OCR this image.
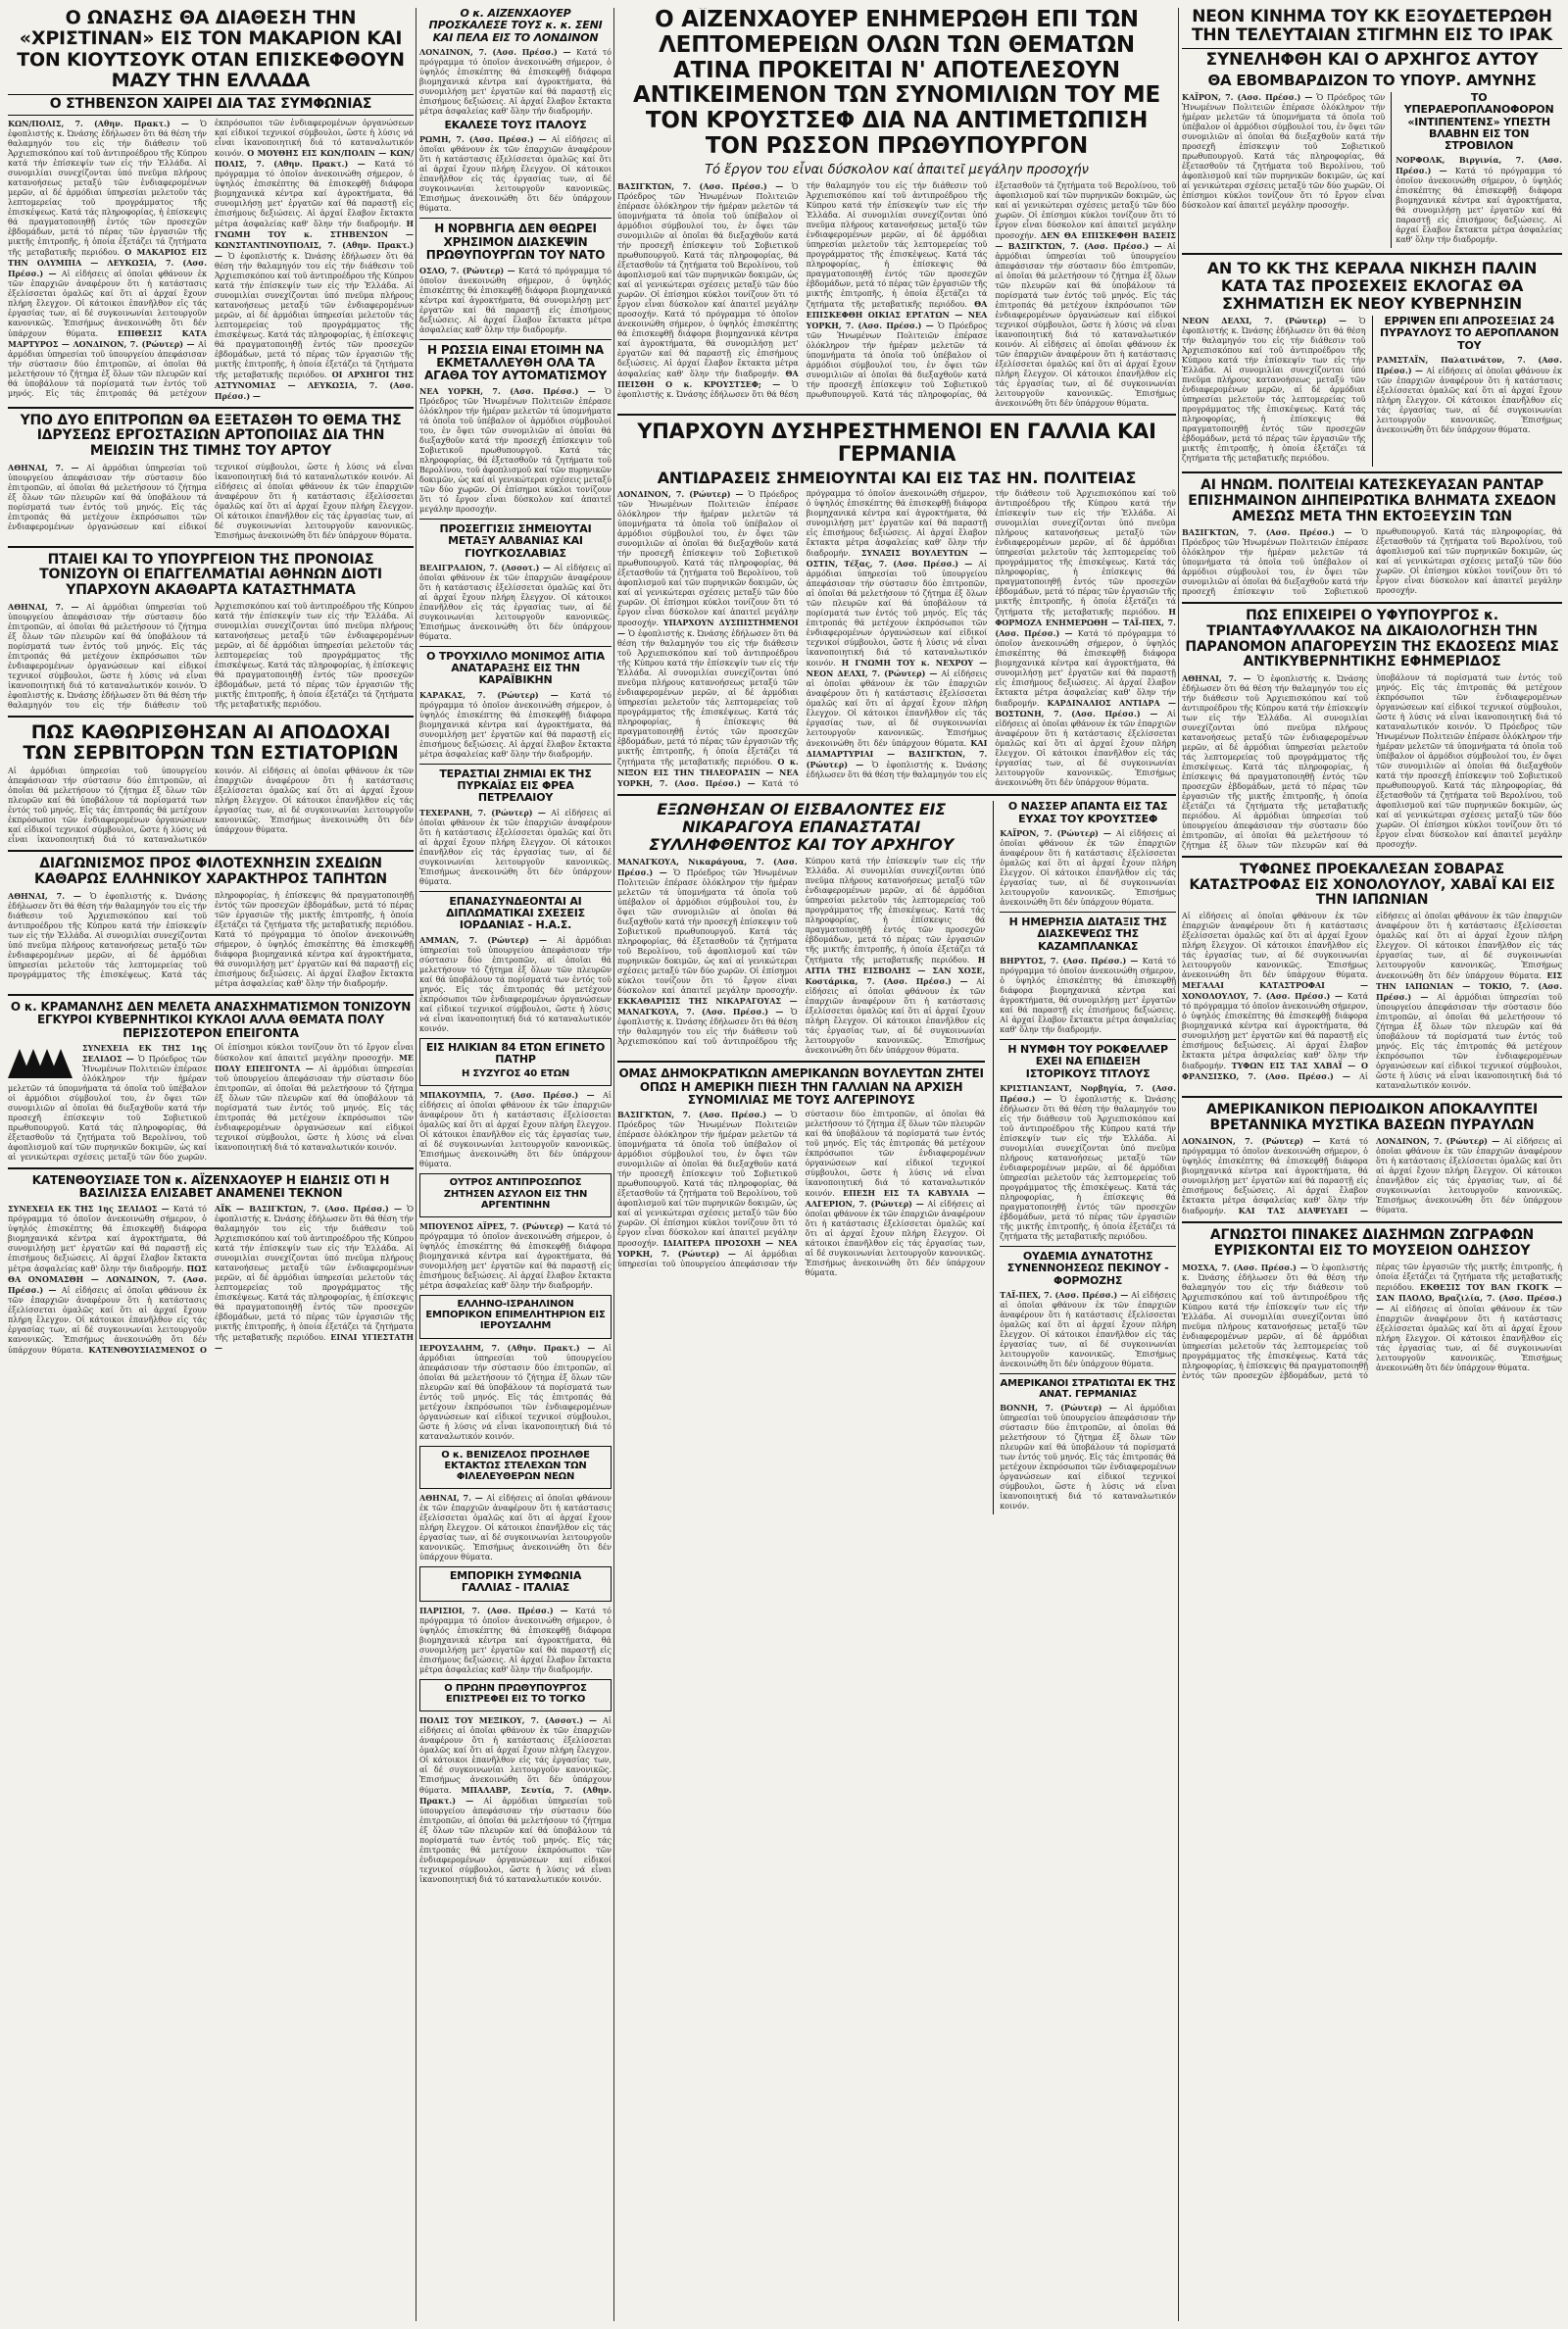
Ο ΩΝΑΣΗΣ ΘΑ ΔΙΑΘΕΣΗ ΤΗΝ «ΧΡΙΣΤΙΝΑΝ» ΕΙΣ ΤΟΝ ΜΑΚΑΡΙΟΝ ΚΑΙ ΤΟΝ ΚΙΟΥΤΣΟΥΚ ΟΤΑΝ ΕΠΙΣΚΕΦΘΟΥΝ ΜΑΖΥ ΤΗΝ ΕΛΛΑΔΑ
Ο ΣΤΗΒΕΝΣΟΝ ΧΑΙΡΕΙ ΔΙΑ ΤΑΣ ΣΥΜΦΩΝΙΑΣ
ΚΩΝ/ΠΟΛΙΣ, 7. (Αθην. Πρακτ.) — Ὁ ἐφοπλιστής κ. Ὠνάσης ἐδήλωσεν ὅτι θά θέση τήν θαλαμηγόν του εἰς τήν διάθεσιν τοῦ Ἀρχιεπισκόπου καί τοῦ ἀντιπροέδρου τῆς Κύπρου κατά τήν ἐπίσκεψίν των εἰς τήν Ἑλλάδα. Αἱ συνομιλίαι συνεχίζονται ὑπό πνεῦμα πλήρους κατανοήσεως μεταξύ τῶν ἐνδιαφερομένων μερῶν, αἱ δέ ἀρμόδιαι ὑπηρεσίαι μελετοῦν τάς λεπτομερείας τοῦ προγράμματος τῆς ἐπισκέψεως. Κατά τάς πληροφορίας, ἡ ἐπίσκεψις θά πραγματοποιηθῇ ἐντός τῶν προσεχῶν ἑβδομάδων, μετά τό πέρας τῶν ἐργασιῶν τῆς μικτῆς ἐπιτροπῆς, ἡ ὁποία ἐξετάζει τά ζητήματα τῆς μεταβατικῆς περιόδου. Ο ΜΑΚΑΡΙΟΣ ΕΙΣ ΤΗΝ ΟΛΥΜΠΙΑ — ΛΕΥΚΩΣΙΑ, 7. (Ασσ. Πρέσσ.) — Αἱ εἰδήσεις αἱ ὁποῖαι φθάνουν ἐκ τῶν ἐπαρχιῶν ἀναφέρουν ὅτι ἡ κατάστασις ἐξελίσσεται ὁμαλῶς καί ὅτι αἱ ἀρχαί ἔχουν πλήρη ἔλεγχον. Οἱ κάτοικοι ἐπανῆλθον εἰς τάς ἐργασίας των, αἱ δέ συγκοινωνίαι λειτουργοῦν κανονικῶς. Ἐπισήμως ἀνεκοινώθη ὅτι δέν ὑπάρχουν θύματα. ΕΠΙΘΕΣΙΣ ΚΑΤΑ ΜΑΡΤΥΡΟΣ — ΛΟΝΔΙΝΟΝ, 7. (Ρώυτερ) — Αἱ ἀρμόδιαι ὑπηρεσίαι τοῦ ὑπουργείου ἀπεφάσισαν τήν σύστασιν δύο ἐπιτροπῶν, αἱ ὁποῖαι θά μελετήσουν τό ζήτημα ἐξ ὅλων τῶν πλευρῶν καί θά ὑποβάλουν τά πορίσματά των ἐντός τοῦ μηνός. Εἰς τάς ἐπιτροπάς θά μετέχουν ἐκπρόσωποι τῶν ἐνδιαφερομένων ὀργανώσεων καί εἰδικοί τεχνικοί σύμβουλοι, ὥστε ἡ λύσις νά εἶναι ἱκανοποιητική διά τό καταναλωτικόν κοινόν. Ο ΜΟΥΘΗΣ ΕΙΣ ΚΩΝ/ΠΟΛΙΝ — ΚΩΝ/ΠΟΛΙΣ, 7. (Αθην. Πρακτ.) — Κατά τό πρόγραμμα τό ὁποῖον ἀνεκοινώθη σήμερον, ὁ ὑψηλός ἐπισκέπτης θά ἐπισκεφθῇ διάφορα βιομηχανικά κέντρα καί ἀγροκτήματα, θά συνομιλήσῃ μετ' ἐργατῶν καί θά παραστῇ εἰς ἐπισήμους δεξιώσεις. Αἱ ἀρχαί ἔλαβον ἔκτακτα μέτρα ἀσφαλείας καθ' ὅλην τήν διαδρομήν. Η ΓΝΩΜΗ ΤΟΥ κ. ΣΤΗΒΕΝΣΟΝ — ΚΩΝΣΤΑΝΤΙΝΟΥΠΟΛΙΣ, 7. (Αθην. Πρακτ.) — Ὁ ἐφοπλιστής κ. Ὠνάσης ἐδήλωσεν ὅτι θά θέση τήν θαλαμηγόν του εἰς τήν διάθεσιν τοῦ Ἀρχιεπισκόπου καί τοῦ ἀντιπροέδρου τῆς Κύπρου κατά τήν ἐπίσκεψίν των εἰς τήν Ἑλλάδα. Αἱ συνομιλίαι συνεχίζονται ὑπό πνεῦμα πλήρους κατανοήσεως μεταξύ τῶν ἐνδιαφερομένων μερῶν, αἱ δέ ἀρμόδιαι ὑπηρεσίαι μελετοῦν τάς λεπτομερείας τοῦ προγράμματος τῆς ἐπισκέψεως. Κατά τάς πληροφορίας, ἡ ἐπίσκεψις θά πραγματοποιηθῇ ἐντός τῶν προσεχῶν ἑβδομάδων, μετά τό πέρας τῶν ἐργασιῶν τῆς μικτῆς ἐπιτροπῆς, ἡ ὁποία ἐξετάζει τά ζητήματα τῆς μεταβατικῆς περιόδου. ΟΙ ΑΡΧΗΓΟΙ ΤΗΣ ΑΣΤΥΝΟΜΙΑΣ — ΛΕΥΚΩΣΙΑ, 7. (Ασσ. Πρέσσ.) —
ΥΠΟ ΔΥΟ ΕΠΙΤΡΟΠΩΝ ΘΑ ΕΞΕΤΑΣΘΗ ΤΟ ΘΕΜΑ ΤΗΣ ΙΔΡΥΣΕΩΣ ΕΡΓΟΣΤΑΣΙΩΝ ΑΡΤΟΠΟΙΙΑΣ ΔΙΑ ΤΗΝ ΜΕΙΩΣΙΝ ΤΗΣ ΤΙΜΗΣ ΤΟΥ ΑΡΤΟΥ
ΑΘΗΝΑΙ, 7. — Αἱ ἀρμόδιαι ὑπηρεσίαι τοῦ ὑπουργείου ἀπεφάσισαν τήν σύστασιν δύο ἐπιτροπῶν, αἱ ὁποῖαι θά μελετήσουν τό ζήτημα ἐξ ὅλων τῶν πλευρῶν καί θά ὑποβάλουν τά πορίσματά των ἐντός τοῦ μηνός. Εἰς τάς ἐπιτροπάς θά μετέχουν ἐκπρόσωποι τῶν ἐνδιαφερομένων ὀργανώσεων καί εἰδικοί τεχνικοί σύμβουλοι, ὥστε ἡ λύσις νά εἶναι ἱκανοποιητική διά τό καταναλωτικόν κοινόν. Αἱ εἰδήσεις αἱ ὁποῖαι φθάνουν ἐκ τῶν ἐπαρχιῶν ἀναφέρουν ὅτι ἡ κατάστασις ἐξελίσσεται ὁμαλῶς καί ὅτι αἱ ἀρχαί ἔχουν πλήρη ἔλεγχον. Οἱ κάτοικοι ἐπανῆλθον εἰς τάς ἐργασίας των, αἱ δέ συγκοινωνίαι λειτουργοῦν κανονικῶς. Ἐπισήμως ἀνεκοινώθη ὅτι δέν ὑπάρχουν θύματα.
ΠΤΑΙΕΙ ΚΑΙ ΤΟ ΥΠΟΥΡΓΕΙΟΝ ΤΗΣ ΠΡΟΝΟΙΑΣ ΤΟΝΙΖΟΥΝ ΟΙ ΕΠΑΓΓΕΛΜΑΤΙΑΙ ΑΘΗΝΩΝ ΔΙΟΤΙ ΥΠΑΡΧΟΥΝ ΑΚΑΘΑΡΤΑ ΚΑΤΑΣΤΗΜΑΤΑ
ΑΘΗΝΑΙ, 7. — Αἱ ἀρμόδιαι ὑπηρεσίαι τοῦ ὑπουργείου ἀπεφάσισαν τήν σύστασιν δύο ἐπιτροπῶν, αἱ ὁποῖαι θά μελετήσουν τό ζήτημα ἐξ ὅλων τῶν πλευρῶν καί θά ὑποβάλουν τά πορίσματά των ἐντός τοῦ μηνός. Εἰς τάς ἐπιτροπάς θά μετέχουν ἐκπρόσωποι τῶν ἐνδιαφερομένων ὀργανώσεων καί εἰδικοί τεχνικοί σύμβουλοι, ὥστε ἡ λύσις νά εἶναι ἱκανοποιητική διά τό καταναλωτικόν κοινόν. Ὁ ἐφοπλιστής κ. Ὠνάσης ἐδήλωσεν ὅτι θά θέση τήν θαλαμηγόν του εἰς τήν διάθεσιν τοῦ Ἀρχιεπισκόπου καί τοῦ ἀντιπροέδρου τῆς Κύπρου κατά τήν ἐπίσκεψίν των εἰς τήν Ἑλλάδα. Αἱ συνομιλίαι συνεχίζονται ὑπό πνεῦμα πλήρους κατανοήσεως μεταξύ τῶν ἐνδιαφερομένων μερῶν, αἱ δέ ἀρμόδιαι ὑπηρεσίαι μελετοῦν τάς λεπτομερείας τοῦ προγράμματος τῆς ἐπισκέψεως. Κατά τάς πληροφορίας, ἡ ἐπίσκεψις θά πραγματοποιηθῇ ἐντός τῶν προσεχῶν ἑβδομάδων, μετά τό πέρας τῶν ἐργασιῶν τῆς μικτῆς ἐπιτροπῆς, ἡ ὁποία ἐξετάζει τά ζητήματα τῆς μεταβατικῆς περιόδου.
ΠΩΣ ΚΑΘΩΡΙΣΘΗΣΑΝ ΑΙ ΑΠΟΔΟΧΑΙ ΤΩΝ ΣΕΡΒΙΤΟΡΩΝ ΤΩΝ ΕΣΤΙΑΤΟΡΙΩΝ
Αἱ ἀρμόδιαι ὑπηρεσίαι τοῦ ὑπουργείου ἀπεφάσισαν τήν σύστασιν δύο ἐπιτροπῶν, αἱ ὁποῖαι θά μελετήσουν τό ζήτημα ἐξ ὅλων τῶν πλευρῶν καί θά ὑποβάλουν τά πορίσματά των ἐντός τοῦ μηνός. Εἰς τάς ἐπιτροπάς θά μετέχουν ἐκπρόσωποι τῶν ἐνδιαφερομένων ὀργανώσεων καί εἰδικοί τεχνικοί σύμβουλοι, ὥστε ἡ λύσις νά εἶναι ἱκανοποιητική διά τό καταναλωτικόν κοινόν. Αἱ εἰδήσεις αἱ ὁποῖαι φθάνουν ἐκ τῶν ἐπαρχιῶν ἀναφέρουν ὅτι ἡ κατάστασις ἐξελίσσεται ὁμαλῶς καί ὅτι αἱ ἀρχαί ἔχουν πλήρη ἔλεγχον. Οἱ κάτοικοι ἐπανῆλθον εἰς τάς ἐργασίας των, αἱ δέ συγκοινωνίαι λειτουργοῦν κανονικῶς. Ἐπισήμως ἀνεκοινώθη ὅτι δέν ὑπάρχουν θύματα.
ΔΙΑΓΩΝΙΣΜΟΣ ΠΡΟΣ ΦΙΛΟΤΕΧΝΗΣΙΝ ΣΧΕΔΙΩΝ ΚΑΘΑΡΩΣ ΕΛΛΗΝΙΚΟΥ ΧΑΡΑΚΤΗΡΟΣ ΤΑΠΗΤΩΝ
ΑΘΗΝΑΙ, 7. — Ὁ ἐφοπλιστής κ. Ὠνάσης ἐδήλωσεν ὅτι θά θέση τήν θαλαμηγόν του εἰς τήν διάθεσιν τοῦ Ἀρχιεπισκόπου καί τοῦ ἀντιπροέδρου τῆς Κύπρου κατά τήν ἐπίσκεψίν των εἰς τήν Ἑλλάδα. Αἱ συνομιλίαι συνεχίζονται ὑπό πνεῦμα πλήρους κατανοήσεως μεταξύ τῶν ἐνδιαφερομένων μερῶν, αἱ δέ ἀρμόδιαι ὑπηρεσίαι μελετοῦν τάς λεπτομερείας τοῦ προγράμματος τῆς ἐπισκέψεως. Κατά τάς πληροφορίας, ἡ ἐπίσκεψις θά πραγματοποιηθῇ ἐντός τῶν προσεχῶν ἑβδομάδων, μετά τό πέρας τῶν ἐργασιῶν τῆς μικτῆς ἐπιτροπῆς, ἡ ὁποία ἐξετάζει τά ζητήματα τῆς μεταβατικῆς περιόδου. Κατά τό πρόγραμμα τό ὁποῖον ἀνεκοινώθη σήμερον, ὁ ὑψηλός ἐπισκέπτης θά ἐπισκεφθῇ διάφορα βιομηχανικά κέντρα καί ἀγροκτήματα, θά συνομιλήσῃ μετ' ἐργατῶν καί θά παραστῇ εἰς ἐπισήμους δεξιώσεις. Αἱ ἀρχαί ἔλαβον ἔκτακτα μέτρα ἀσφαλείας καθ' ὅλην τήν διαδρομήν.
Ο κ. ΚΡΑΜΑΝΛΗΣ ΔΕΝ ΜΕΛΕΤΑ ΑΝΑΣΧΗΜΑΤΙΣΜΟΝ ΤΟΝΙΖΟΥΝ ΕΓΚΥΡΟΙ ΚΥΒΕΡΝΗΤΙΚΟΙ ΚΥΚΛΟΙ ΑΛΛΑ ΘΕΜΑΤΑ ΠΟΛΥ ΠΕΡΙΣΣΟΤΕΡΟΝ ΕΠΕΙΓΟΝΤΑ
ΣΥΝΕΧΕΙΑ ΕΚ ΤΗΣ 1ης ΣΕΛΙΔΟΣ — Ὁ Πρόεδρος τῶν Ἡνωμένων Πολιτειῶν ἐπέρασε ὁλόκληρον τήν ἡμέραν μελετῶν τά ὑπομνήματα τά ὁποῖα τοῦ ὑπέβαλον οἱ ἁρμόδιοι σύμβουλοί του, ἐν ὄψει τῶν συνομιλιῶν αἱ ὁποῖαι θά διεξαχθοῦν κατά τήν προσεχῆ ἐπίσκεψιν τοῦ Σοβιετικοῦ πρωθυπουργοῦ. Κατά τάς πληροφορίας, θά ἐξετασθοῦν τά ζητήματα τοῦ Βερολίνου, τοῦ ἀφοπλισμοῦ καί τῶν πυρηνικῶν δοκιμῶν, ὡς καί αἱ γενικώτεραι σχέσεις μεταξύ τῶν δύο χωρῶν. Οἱ ἐπίσημοι κύκλοι τονίζουν ὅτι τό ἔργον εἶναι δύσκολον καί ἀπαιτεῖ μεγάλην προσοχήν. ΜΕ ΠΟΛΥ ΕΠΕΙΓΟΝΤΑ — Αἱ ἀρμόδιαι ὑπηρεσίαι τοῦ ὑπουργείου ἀπεφάσισαν τήν σύστασιν δύο ἐπιτροπῶν, αἱ ὁποῖαι θά μελετήσουν τό ζήτημα ἐξ ὅλων τῶν πλευρῶν καί θά ὑποβάλουν τά πορίσματά των ἐντός τοῦ μηνός. Εἰς τάς ἐπιτροπάς θά μετέχουν ἐκπρόσωποι τῶν ἐνδιαφερομένων ὀργανώσεων καί εἰδικοί τεχνικοί σύμβουλοι, ὥστε ἡ λύσις νά εἶναι ἱκανοποιητική διά τό καταναλωτικόν κοινόν.
ΚΑΤΕΝΘΟΥΣΙΑΣΕ ΤΟΝ κ. ΑΪΖΕΝΧΑΟΥΕΡ Η ΕΙΔΗΣΙΣ ΟΤΙ Η ΒΑΣΙΛΙΣΣΑ ΕΛΙΣΑΒΕΤ ΑΝΑΜΕΝΕΙ ΤΕΚΝΟΝ
ΣΥΝΕΧΕΙΑ ΕΚ ΤΗΣ 1ης ΣΕΛΙΔΟΣ — Κατά τό πρόγραμμα τό ὁποῖον ἀνεκοινώθη σήμερον, ὁ ὑψηλός ἐπισκέπτης θά ἐπισκεφθῇ διάφορα βιομηχανικά κέντρα καί ἀγροκτήματα, θά συνομιλήσῃ μετ' ἐργατῶν καί θά παραστῇ εἰς ἐπισήμους δεξιώσεις. Αἱ ἀρχαί ἔλαβον ἔκτακτα μέτρα ἀσφαλείας καθ' ὅλην τήν διαδρομήν. ΠΩΣ ΘΑ ΟΝΟΜΑΣΘΗ — ΛΟΝΔΙΝΟΝ, 7. (Ασσ. Πρέσσ.) — Αἱ εἰδήσεις αἱ ὁποῖαι φθάνουν ἐκ τῶν ἐπαρχιῶν ἀναφέρουν ὅτι ἡ κατάστασις ἐξελίσσεται ὁμαλῶς καί ὅτι αἱ ἀρχαί ἔχουν πλήρη ἔλεγχον. Οἱ κάτοικοι ἐπανῆλθον εἰς τάς ἐργασίας των, αἱ δέ συγκοινωνίαι λειτουργοῦν κανονικῶς. Ἐπισήμως ἀνεκοινώθη ὅτι δέν ὑπάρχουν θύματα. ΚΑΤΕΝΘΟΥΣΙΑΣΜΕΝΟΣ Ο ΑΪΚ — ΒΑΣΙΓΚΤΩΝ, 7. (Ασσ. Πρέσσ.) — Ὁ ἐφοπλιστής κ. Ὠνάσης ἐδήλωσεν ὅτι θά θέση τήν θαλαμηγόν του εἰς τήν διάθεσιν τοῦ Ἀρχιεπισκόπου καί τοῦ ἀντιπροέδρου τῆς Κύπρου κατά τήν ἐπίσκεψίν των εἰς τήν Ἑλλάδα. Αἱ συνομιλίαι συνεχίζονται ὑπό πνεῦμα πλήρους κατανοήσεως μεταξύ τῶν ἐνδιαφερομένων μερῶν, αἱ δέ ἀρμόδιαι ὑπηρεσίαι μελετοῦν τάς λεπτομερείας τοῦ προγράμματος τῆς ἐπισκέψεως. Κατά τάς πληροφορίας, ἡ ἐπίσκεψις θά πραγματοποιηθῇ ἐντός τῶν προσεχῶν ἑβδομάδων, μετά τό πέρας τῶν ἐργασιῶν τῆς μικτῆς ἐπιτροπῆς, ἡ ὁποία ἐξετάζει τά ζητήματα τῆς μεταβατικῆς περιόδου. ΕΙΝΑΙ ΥΓΙΕΣΤΑΤΗ —
Ο κ. ΑΪΖΕΝΧΑΟΥΕΡ ΠΡΟΣΚΑΛΕΣΕ ΤΟΥΣ κ. κ. ΣΕΝΙ ΚΑΙ ΠΕΛΑ ΕΙΣ ΤΟ ΛΟΝΔΙΝΟΝ
ΛΟΝΔΙΝΟΝ, 7. (Ασσ. Πρέσσ.) — Κατά τό πρόγραμμα τό ὁποῖον ἀνεκοινώθη σήμερον, ὁ ὑψηλός ἐπισκέπτης θά ἐπισκεφθῇ διάφορα βιομηχανικά κέντρα καί ἀγροκτήματα, θά συνομιλήσῃ μετ' ἐργατῶν καί θά παραστῇ εἰς ἐπισήμους δεξιώσεις. Αἱ ἀρχαί ἔλαβον ἔκτακτα μέτρα ἀσφαλείας καθ' ὅλην τήν διαδρομήν.
ΕΚΑΛΕΣΕ ΤΟΥΣ ΙΤΑΛΟΥΣ
ΡΩΜΗ, 7. (Ασσ. Πρέσσ.) — Αἱ εἰδήσεις αἱ ὁποῖαι φθάνουν ἐκ τῶν ἐπαρχιῶν ἀναφέρουν ὅτι ἡ κατάστασις ἐξελίσσεται ὁμαλῶς καί ὅτι αἱ ἀρχαί ἔχουν πλήρη ἔλεγχον. Οἱ κάτοικοι ἐπανῆλθον εἰς τάς ἐργασίας των, αἱ δέ συγκοινωνίαι λειτουργοῦν κανονικῶς. Ἐπισήμως ἀνεκοινώθη ὅτι δέν ὑπάρχουν θύματα.
Η ΝΟΡΒΗΓΙΑ ΔΕΝ ΘΕΩΡΕΙ ΧΡΗΣΙΜΟΝ ΔΙΑΣΚΕΨΙΝ ΠΡΩΘΥΠΟΥΡΓΩΝ ΤΟΥ ΝΑΤΟ
ΟΣΛΟ, 7. (Ρώυτερ) — Κατά τό πρόγραμμα τό ὁποῖον ἀνεκοινώθη σήμερον, ὁ ὑψηλός ἐπισκέπτης θά ἐπισκεφθῇ διάφορα βιομηχανικά κέντρα καί ἀγροκτήματα, θά συνομιλήσῃ μετ' ἐργατῶν καί θά παραστῇ εἰς ἐπισήμους δεξιώσεις. Αἱ ἀρχαί ἔλαβον ἔκτακτα μέτρα ἀσφαλείας καθ' ὅλην τήν διαδρομήν.
Η ΡΩΣΣΙΑ ΕΙΝΑΙ ΕΤΟΙΜΗ ΝΑ ΕΚΜΕΤΑΛΛΕΥΘΗ ΟΛΑ ΤΑ ΑΓΑΘΑ ΤΟΥ ΑΥΤΟΜΑΤΙΣΜΟΥ
ΝΕΑ ΥΟΡΚΗ, 7. (Ασσ. Πρέσσ.) — Ὁ Πρόεδρος τῶν Ἡνωμένων Πολιτειῶν ἐπέρασε ὁλόκληρον τήν ἡμέραν μελετῶν τά ὑπομνήματα τά ὁποῖα τοῦ ὑπέβαλον οἱ ἁρμόδιοι σύμβουλοί του, ἐν ὄψει τῶν συνομιλιῶν αἱ ὁποῖαι θά διεξαχθοῦν κατά τήν προσεχῆ ἐπίσκεψιν τοῦ Σοβιετικοῦ πρωθυπουργοῦ. Κατά τάς πληροφορίας, θά ἐξετασθοῦν τά ζητήματα τοῦ Βερολίνου, τοῦ ἀφοπλισμοῦ καί τῶν πυρηνικῶν δοκιμῶν, ὡς καί αἱ γενικώτεραι σχέσεις μεταξύ τῶν δύο χωρῶν. Οἱ ἐπίσημοι κύκλοι τονίζουν ὅτι τό ἔργον εἶναι δύσκολον καί ἀπαιτεῖ μεγάλην προσοχήν.
ΠΡΟΣΕΓΓΙΣΙΣ ΣΗΜΕΙΟΥΤΑΙ ΜΕΤΑΞΥ ΑΛΒΑΝΙΑΣ ΚΑΙ ΓΙΟΥΓΚΟΣΛΑΒΙΑΣ
ΒΕΛΙΓΡΑΔΙΟΝ, 7. (Ασσοτ.) — Αἱ εἰδήσεις αἱ ὁποῖαι φθάνουν ἐκ τῶν ἐπαρχιῶν ἀναφέρουν ὅτι ἡ κατάστασις ἐξελίσσεται ὁμαλῶς καί ὅτι αἱ ἀρχαί ἔχουν πλήρη ἔλεγχον. Οἱ κάτοικοι ἐπανῆλθον εἰς τάς ἐργασίας των, αἱ δέ συγκοινωνίαι λειτουργοῦν κανονικῶς. Ἐπισήμως ἀνεκοινώθη ὅτι δέν ὑπάρχουν θύματα.
Ο ΤΡΟΥΧΙΛΛΟ ΜΟΝΙΜΟΣ ΑΙΤΙΑ ΑΝΑΤΑΡΑΞΗΣ ΕΙΣ ΤΗΝ ΚΑΡΑΪΒΙΚΗΝ
ΚΑΡΑΚΑΣ, 7. (Ρώυτερ) — Κατά τό πρόγραμμα τό ὁποῖον ἀνεκοινώθη σήμερον, ὁ ὑψηλός ἐπισκέπτης θά ἐπισκεφθῇ διάφορα βιομηχανικά κέντρα καί ἀγροκτήματα, θά συνομιλήσῃ μετ' ἐργατῶν καί θά παραστῇ εἰς ἐπισήμους δεξιώσεις. Αἱ ἀρχαί ἔλαβον ἔκτακτα μέτρα ἀσφαλείας καθ' ὅλην τήν διαδρομήν.
ΤΕΡΑΣΤΙΑΙ ΖΗΜΙΑΙ ΕΚ ΤΗΣ ΠΥΡΚΑΪΑΣ ΕΙΣ ΦΡΕΑ ΠΕΤΡΕΛΑΙΟΥ
ΤΕΧΕΡΑΝΗ, 7. (Ρώυτερ) — Αἱ εἰδήσεις αἱ ὁποῖαι φθάνουν ἐκ τῶν ἐπαρχιῶν ἀναφέρουν ὅτι ἡ κατάστασις ἐξελίσσεται ὁμαλῶς καί ὅτι αἱ ἀρχαί ἔχουν πλήρη ἔλεγχον. Οἱ κάτοικοι ἐπανῆλθον εἰς τάς ἐργασίας των, αἱ δέ συγκοινωνίαι λειτουργοῦν κανονικῶς. Ἐπισήμως ἀνεκοινώθη ὅτι δέν ὑπάρχουν θύματα.
ΕΠΑΝΑΣΥΝΔΕΟΝΤΑΙ ΑΙ ΔΙΠΛΩΜΑΤΙΚΑΙ ΣΧΕΣΕΙΣ ΙΟΡΔΑΝΙΑΣ - Η.Α.Σ.
ΑΜΜΑΝ, 7. (Ρώυτερ) — Αἱ ἀρμόδιαι ὑπηρεσίαι τοῦ ὑπουργείου ἀπεφάσισαν τήν σύστασιν δύο ἐπιτροπῶν, αἱ ὁποῖαι θά μελετήσουν τό ζήτημα ἐξ ὅλων τῶν πλευρῶν καί θά ὑποβάλουν τά πορίσματά των ἐντός τοῦ μηνός. Εἰς τάς ἐπιτροπάς θά μετέχουν ἐκπρόσωποι τῶν ἐνδιαφερομένων ὀργανώσεων καί εἰδικοί τεχνικοί σύμβουλοι, ὥστε ἡ λύσις νά εἶναι ἱκανοποιητική διά τό καταναλωτικόν κοινόν.
ΕΙΣ ΗΛΙΚΙΑΝ 84 ΕΤΩΝ ΕΓΙΝΕΤΟ ΠΑΤΗΡ
Η ΣΥΖΥΓΟΣ 40 ΕΤΩΝ
ΜΠΑΚΟΥΜΠΑ, 7. (Ασσ. Πρέσσ.) — Αἱ εἰδήσεις αἱ ὁποῖαι φθάνουν ἐκ τῶν ἐπαρχιῶν ἀναφέρουν ὅτι ἡ κατάστασις ἐξελίσσεται ὁμαλῶς καί ὅτι αἱ ἀρχαί ἔχουν πλήρη ἔλεγχον. Οἱ κάτοικοι ἐπανῆλθον εἰς τάς ἐργασίας των, αἱ δέ συγκοινωνίαι λειτουργοῦν κανονικῶς. Ἐπισήμως ἀνεκοινώθη ὅτι δέν ὑπάρχουν θύματα.
ΟΥΤΡΟΣ ΑΝΤΙΠΡΟΣΩΠΟΣ ΖΗΤΗΣΕΝ ΑΣΥΛΟΝ ΕΙΣ ΤΗΝ ΑΡΓΕΝΤΙΝΗΝ
ΜΠΟΥΕΝΟΣ ΑΪΡΕΣ, 7. (Ρώυτερ) — Κατά τό πρόγραμμα τό ὁποῖον ἀνεκοινώθη σήμερον, ὁ ὑψηλός ἐπισκέπτης θά ἐπισκεφθῇ διάφορα βιομηχανικά κέντρα καί ἀγροκτήματα, θά συνομιλήσῃ μετ' ἐργατῶν καί θά παραστῇ εἰς ἐπισήμους δεξιώσεις. Αἱ ἀρχαί ἔλαβον ἔκτακτα μέτρα ἀσφαλείας καθ' ὅλην τήν διαδρομήν.
ΕΛΛΗΝΟ-ΙΣΡΑΗΛΙΝΟΝ ΕΜΠΟΡΙΚΟΝ ΕΠΙΜΕΛΗΤΗΡΙΟΝ ΕΙΣ ΙΕΡΟΥΣΑΛΗΜ
ΙΕΡΟΥΣΑΛΗΜ, 7. (Αθην. Πρακτ.) — Αἱ ἀρμόδιαι ὑπηρεσίαι τοῦ ὑπουργείου ἀπεφάσισαν τήν σύστασιν δύο ἐπιτροπῶν, αἱ ὁποῖαι θά μελετήσουν τό ζήτημα ἐξ ὅλων τῶν πλευρῶν καί θά ὑποβάλουν τά πορίσματά των ἐντός τοῦ μηνός. Εἰς τάς ἐπιτροπάς θά μετέχουν ἐκπρόσωποι τῶν ἐνδιαφερομένων ὀργανώσεων καί εἰδικοί τεχνικοί σύμβουλοι, ὥστε ἡ λύσις νά εἶναι ἱκανοποιητική διά τό καταναλωτικόν κοινόν.
Ο κ. ΒΕΝΙΖΕΛΟΣ ΠΡΟΣΗΛΘΕ ΕΚΤΑΚΤΩΣ ΣΤΕΛΕΧΩΝ ΤΩΝ ΦΙΛΕΛΕΥΘΕΡΩΝ ΝΕΩΝ
ΑΘΗΝΑΙ, 7. — Αἱ εἰδήσεις αἱ ὁποῖαι φθάνουν ἐκ τῶν ἐπαρχιῶν ἀναφέρουν ὅτι ἡ κατάστασις ἐξελίσσεται ὁμαλῶς καί ὅτι αἱ ἀρχαί ἔχουν πλήρη ἔλεγχον. Οἱ κάτοικοι ἐπανῆλθον εἰς τάς ἐργασίας των, αἱ δέ συγκοινωνίαι λειτουργοῦν κανονικῶς. Ἐπισήμως ἀνεκοινώθη ὅτι δέν ὑπάρχουν θύματα.
ΕΜΠΟΡΙΚΗ ΣΥΜΦΩΝΙΑ ΓΑΛΛΙΑΣ - ΙΤΑΛΙΑΣ
ΠΑΡΙΣΙΟΙ, 7. (Ασσ. Πρέσσ.) — Κατά τό πρόγραμμα τό ὁποῖον ἀνεκοινώθη σήμερον, ὁ ὑψηλός ἐπισκέπτης θά ἐπισκεφθῇ διάφορα βιομηχανικά κέντρα καί ἀγροκτήματα, θά συνομιλήσῃ μετ' ἐργατῶν καί θά παραστῇ εἰς ἐπισήμους δεξιώσεις. Αἱ ἀρχαί ἔλαβον ἔκτακτα μέτρα ἀσφαλείας καθ' ὅλην τήν διαδρομήν.
Ο ΠΡΩΗΝ ΠΡΩΘΥΠΟΥΡΓΟΣ ΕΠΙΣΤΡΕΦΕΙ ΕΙΣ ΤΟ ΤΟΓΚΟ
ΠΟΛΙΣ ΤΟΥ ΜΕΞΙΚΟΥ, 7. (Ασσοτ.) — Αἱ εἰδήσεις αἱ ὁποῖαι φθάνουν ἐκ τῶν ἐπαρχιῶν ἀναφέρουν ὅτι ἡ κατάστασις ἐξελίσσεται ὁμαλῶς καί ὅτι αἱ ἀρχαί ἔχουν πλήρη ἔλεγχον. Οἱ κάτοικοι ἐπανῆλθον εἰς τάς ἐργασίας των, αἱ δέ συγκοινωνίαι λειτουργοῦν κανονικῶς. Ἐπισήμως ἀνεκοινώθη ὅτι δέν ὑπάρχουν θύματα. ΜΠΑΛΑΒΡ, Σευτία, 7. (Αθην. Πρακτ.) — Αἱ ἀρμόδιαι ὑπηρεσίαι τοῦ ὑπουργείου ἀπεφάσισαν τήν σύστασιν δύο ἐπιτροπῶν, αἱ ὁποῖαι θά μελετήσουν τό ζήτημα ἐξ ὅλων τῶν πλευρῶν καί θά ὑποβάλουν τά πορίσματά των ἐντός τοῦ μηνός. Εἰς τάς ἐπιτροπάς θά μετέχουν ἐκπρόσωποι τῶν ἐνδιαφερομένων ὀργανώσεων καί εἰδικοί τεχνικοί σύμβουλοι, ὥστε ἡ λύσις νά εἶναι ἱκανοποιητική διά τό καταναλωτικόν κοινόν.
Ο ΑΪΖΕΝΧΑΟΥΕΡ ΕΝΗΜΕΡΩΘΗ ΕΠΙ ΤΩΝ ΛΕΠΤΟΜΕΡΕΙΩΝ ΟΛΩΝ ΤΩΝ ΘΕΜΑΤΩΝ ΑΤΙΝΑ ΠΡΟΚΕΙΤΑΙ Ν' ΑΠΟΤΕΛΕΣΟΥΝ ΑΝΤΙΚΕΙΜΕΝΟΝ ΤΩΝ ΣΥΝΟΜΙΛΙΩΝ ΤΟΥ ΜΕ ΤΟΝ ΚΡΟΥΣΤΣΕΦ ΔΙΑ ΝΑ ΑΝΤΙΜΕΤΩΠΙΣΗ ΤΟΝ ΡΩΣΣΟΝ ΠΡΩΘΥΠΟΥΡΓΟΝ
Τό ἔργον του εἶναι δύσκολον καί ἀπαιτεῖ μεγάλην προσοχήν
ΒΑΣΙΓΚΤΩΝ, 7. (Ασσ. Πρέσσ.) — Ὁ Πρόεδρος τῶν Ἡνωμένων Πολιτειῶν ἐπέρασε ὁλόκληρον τήν ἡμέραν μελετῶν τά ὑπομνήματα τά ὁποῖα τοῦ ὑπέβαλον οἱ ἁρμόδιοι σύμβουλοί του, ἐν ὄψει τῶν συνομιλιῶν αἱ ὁποῖαι θά διεξαχθοῦν κατά τήν προσεχῆ ἐπίσκεψιν τοῦ Σοβιετικοῦ πρωθυπουργοῦ. Κατά τάς πληροφορίας, θά ἐξετασθοῦν τά ζητήματα τοῦ Βερολίνου, τοῦ ἀφοπλισμοῦ καί τῶν πυρηνικῶν δοκιμῶν, ὡς καί αἱ γενικώτεραι σχέσεις μεταξύ τῶν δύο χωρῶν. Οἱ ἐπίσημοι κύκλοι τονίζουν ὅτι τό ἔργον εἶναι δύσκολον καί ἀπαιτεῖ μεγάλην προσοχήν. Κατά τό πρόγραμμα τό ὁποῖον ἀνεκοινώθη σήμερον, ὁ ὑψηλός ἐπισκέπτης θά ἐπισκεφθῇ διάφορα βιομηχανικά κέντρα καί ἀγροκτήματα, θά συνομιλήσῃ μετ' ἐργατῶν καί θά παραστῇ εἰς ἐπισήμους δεξιώσεις. Αἱ ἀρχαί ἔλαβον ἔκτακτα μέτρα ἀσφαλείας καθ' ὅλην τήν διαδρομήν. ΘΑ ΠΕΙΣΘΗ Ο κ. ΚΡΟΥΣΤΣΕΦ; — Ὁ ἐφοπλιστής κ. Ὠνάσης ἐδήλωσεν ὅτι θά θέση τήν θαλαμηγόν του εἰς τήν διάθεσιν τοῦ Ἀρχιεπισκόπου καί τοῦ ἀντιπροέδρου τῆς Κύπρου κατά τήν ἐπίσκεψίν των εἰς τήν Ἑλλάδα. Αἱ συνομιλίαι συνεχίζονται ὑπό πνεῦμα πλήρους κατανοήσεως μεταξύ τῶν ἐνδιαφερομένων μερῶν, αἱ δέ ἀρμόδιαι ὑπηρεσίαι μελετοῦν τάς λεπτομερείας τοῦ προγράμματος τῆς ἐπισκέψεως. Κατά τάς πληροφορίας, ἡ ἐπίσκεψις θά πραγματοποιηθῇ ἐντός τῶν προσεχῶν ἑβδομάδων, μετά τό πέρας τῶν ἐργασιῶν τῆς μικτῆς ἐπιτροπῆς, ἡ ὁποία ἐξετάζει τά ζητήματα τῆς μεταβατικῆς περιόδου. ΘΑ ΕΠΙΣΚΕΦΘΗ ΟΙΚΙΑΣ ΕΡΓΑΤΩΝ — ΝΕΑ ΥΟΡΚΗ, 7. (Ασσ. Πρέσσ.) — Ὁ Πρόεδρος τῶν Ἡνωμένων Πολιτειῶν ἐπέρασε ὁλόκληρον τήν ἡμέραν μελετῶν τά ὑπομνήματα τά ὁποῖα τοῦ ὑπέβαλον οἱ ἁρμόδιοι σύμβουλοί του, ἐν ὄψει τῶν συνομιλιῶν αἱ ὁποῖαι θά διεξαχθοῦν κατά τήν προσεχῆ ἐπίσκεψιν τοῦ Σοβιετικοῦ πρωθυπουργοῦ. Κατά τάς πληροφορίας, θά ἐξετασθοῦν τά ζητήματα τοῦ Βερολίνου, τοῦ ἀφοπλισμοῦ καί τῶν πυρηνικῶν δοκιμῶν, ὡς καί αἱ γενικώτεραι σχέσεις μεταξύ τῶν δύο χωρῶν. Οἱ ἐπίσημοι κύκλοι τονίζουν ὅτι τό ἔργον εἶναι δύσκολον καί ἀπαιτεῖ μεγάλην προσοχήν. ΔΕΝ ΘΑ ΕΠΙΣΚΕΦΘΗ ΒΑΣΕΙΣ — ΒΑΣΙΓΚΤΩΝ, 7. (Ασσ. Πρέσσ.) — Αἱ ἀρμόδιαι ὑπηρεσίαι τοῦ ὑπουργείου ἀπεφάσισαν τήν σύστασιν δύο ἐπιτροπῶν, αἱ ὁποῖαι θά μελετήσουν τό ζήτημα ἐξ ὅλων τῶν πλευρῶν καί θά ὑποβάλουν τά πορίσματά των ἐντός τοῦ μηνός. Εἰς τάς ἐπιτροπάς θά μετέχουν ἐκπρόσωποι τῶν ἐνδιαφερομένων ὀργανώσεων καί εἰδικοί τεχνικοί σύμβουλοι, ὥστε ἡ λύσις νά εἶναι ἱκανοποιητική διά τό καταναλωτικόν κοινόν. Αἱ εἰδήσεις αἱ ὁποῖαι φθάνουν ἐκ τῶν ἐπαρχιῶν ἀναφέρουν ὅτι ἡ κατάστασις ἐξελίσσεται ὁμαλῶς καί ὅτι αἱ ἀρχαί ἔχουν πλήρη ἔλεγχον. Οἱ κάτοικοι ἐπανῆλθον εἰς τάς ἐργασίας των, αἱ δέ συγκοινωνίαι λειτουργοῦν κανονικῶς. Ἐπισήμως ἀνεκοινώθη ὅτι δέν ὑπάρχουν θύματα.
ΥΠΑΡΧΟΥΝ ΔΥΣΗΡΕΣΤΗΜΕΝΟΙ ΕΝ ΓΑΛΛΙΑ ΚΑΙ ΓΕΡΜΑΝΙΑ
ΑΝΤΙΔΡΑΣΕΙΣ ΣΗΜΕΙΟΥΝΤΑΙ ΚΑΙ ΕΙΣ ΤΑΣ ΗΝ. ΠΟΛΙΤΕΙΑΣ
ΛΟΝΔΙΝΟΝ, 7. (Ρώυτερ) — Ὁ Πρόεδρος τῶν Ἡνωμένων Πολιτειῶν ἐπέρασε ὁλόκληρον τήν ἡμέραν μελετῶν τά ὑπομνήματα τά ὁποῖα τοῦ ὑπέβαλον οἱ ἁρμόδιοι σύμβουλοί του, ἐν ὄψει τῶν συνομιλιῶν αἱ ὁποῖαι θά διεξαχθοῦν κατά τήν προσεχῆ ἐπίσκεψιν τοῦ Σοβιετικοῦ πρωθυπουργοῦ. Κατά τάς πληροφορίας, θά ἐξετασθοῦν τά ζητήματα τοῦ Βερολίνου, τοῦ ἀφοπλισμοῦ καί τῶν πυρηνικῶν δοκιμῶν, ὡς καί αἱ γενικώτεραι σχέσεις μεταξύ τῶν δύο χωρῶν. Οἱ ἐπίσημοι κύκλοι τονίζουν ὅτι τό ἔργον εἶναι δύσκολον καί ἀπαιτεῖ μεγάλην προσοχήν. ΥΠΑΡΧΟΥΝ ΔΥΣΠΙΣΤΗΜΕΝΟΙ — Ὁ ἐφοπλιστής κ. Ὠνάσης ἐδήλωσεν ὅτι θά θέση τήν θαλαμηγόν του εἰς τήν διάθεσιν τοῦ Ἀρχιεπισκόπου καί τοῦ ἀντιπροέδρου τῆς Κύπρου κατά τήν ἐπίσκεψίν των εἰς τήν Ἑλλάδα. Αἱ συνομιλίαι συνεχίζονται ὑπό πνεῦμα πλήρους κατανοήσεως μεταξύ τῶν ἐνδιαφερομένων μερῶν, αἱ δέ ἀρμόδιαι ὑπηρεσίαι μελετοῦν τάς λεπτομερείας τοῦ προγράμματος τῆς ἐπισκέψεως. Κατά τάς πληροφορίας, ἡ ἐπίσκεψις θά πραγματοποιηθῇ ἐντός τῶν προσεχῶν ἑβδομάδων, μετά τό πέρας τῶν ἐργασιῶν τῆς μικτῆς ἐπιτροπῆς, ἡ ὁποία ἐξετάζει τά ζητήματα τῆς μεταβατικῆς περιόδου. Ο κ. ΝΙΞΟΝ ΕΙΣ ΤΗΝ ΤΗΛΕΟΡΑΣΙΝ — ΝΕΑ ΥΟΡΚΗ, 7. (Ασσ. Πρέσσ.) — Κατά τό πρόγραμμα τό ὁποῖον ἀνεκοινώθη σήμερον, ὁ ὑψηλός ἐπισκέπτης θά ἐπισκεφθῇ διάφορα βιομηχανικά κέντρα καί ἀγροκτήματα, θά συνομιλήσῃ μετ' ἐργατῶν καί θά παραστῇ εἰς ἐπισήμους δεξιώσεις. Αἱ ἀρχαί ἔλαβον ἔκτακτα μέτρα ἀσφαλείας καθ' ὅλην τήν διαδρομήν. ΣΥΝΑΞΙΣ ΒΟΥΛΕΥΤΩΝ — ΟΣΤΙΝ, Τέξας, 7. (Ασσ. Πρέσσ.) — Αἱ ἀρμόδιαι ὑπηρεσίαι τοῦ ὑπουργείου ἀπεφάσισαν τήν σύστασιν δύο ἐπιτροπῶν, αἱ ὁποῖαι θά μελετήσουν τό ζήτημα ἐξ ὅλων τῶν πλευρῶν καί θά ὑποβάλουν τά πορίσματά των ἐντός τοῦ μηνός. Εἰς τάς ἐπιτροπάς θά μετέχουν ἐκπρόσωποι τῶν ἐνδιαφερομένων ὀργανώσεων καί εἰδικοί τεχνικοί σύμβουλοι, ὥστε ἡ λύσις νά εἶναι ἱκανοποιητική διά τό καταναλωτικόν κοινόν. Η ΓΝΩΜΗ ΤΟΥ κ. ΝΕΧΡΟΥ — ΝΕΟΝ ΔΕΛΧΙ, 7. (Ρώυτερ) — Αἱ εἰδήσεις αἱ ὁποῖαι φθάνουν ἐκ τῶν ἐπαρχιῶν ἀναφέρουν ὅτι ἡ κατάστασις ἐξελίσσεται ὁμαλῶς καί ὅτι αἱ ἀρχαί ἔχουν πλήρη ἔλεγχον. Οἱ κάτοικοι ἐπανῆλθον εἰς τάς ἐργασίας των, αἱ δέ συγκοινωνίαι λειτουργοῦν κανονικῶς. Ἐπισήμως ἀνεκοινώθη ὅτι δέν ὑπάρχουν θύματα. ΚΑΙ ΔΙΑΜΑΡΤΥΡΙΑΙ — ΒΑΣΙΓΚΤΩΝ, 7. (Ρώυτερ) — Ὁ ἐφοπλιστής κ. Ὠνάσης ἐδήλωσεν ὅτι θά θέση τήν θαλαμηγόν του εἰς τήν διάθεσιν τοῦ Ἀρχιεπισκόπου καί τοῦ ἀντιπροέδρου τῆς Κύπρου κατά τήν ἐπίσκεψίν των εἰς τήν Ἑλλάδα. Αἱ συνομιλίαι συνεχίζονται ὑπό πνεῦμα πλήρους κατανοήσεως μεταξύ τῶν ἐνδιαφερομένων μερῶν, αἱ δέ ἀρμόδιαι ὑπηρεσίαι μελετοῦν τάς λεπτομερείας τοῦ προγράμματος τῆς ἐπισκέψεως. Κατά τάς πληροφορίας, ἡ ἐπίσκεψις θά πραγματοποιηθῇ ἐντός τῶν προσεχῶν ἑβδομάδων, μετά τό πέρας τῶν ἐργασιῶν τῆς μικτῆς ἐπιτροπῆς, ἡ ὁποία ἐξετάζει τά ζητήματα τῆς μεταβατικῆς περιόδου. Η ΦΟΡΜΟΖΑ ΕΝΗΜΕΡΩΘΗ — ΤΑΪ-ΠΕΧ, 7. (Ασσ. Πρέσσ.) — Κατά τό πρόγραμμα τό ὁποῖον ἀνεκοινώθη σήμερον, ὁ ὑψηλός ἐπισκέπτης θά ἐπισκεφθῇ διάφορα βιομηχανικά κέντρα καί ἀγροκτήματα, θά συνομιλήσῃ μετ' ἐργατῶν καί θά παραστῇ εἰς ἐπισήμους δεξιώσεις. Αἱ ἀρχαί ἔλαβον ἔκτακτα μέτρα ἀσφαλείας καθ' ὅλην τήν διαδρομήν. ΚΑΡΔΙΝΑΛΙΟΣ ΑΝΤΙΔΡΑ — ΒΟΣΤΩΝΗ, 7. (Ασσ. Πρέσσ.) — Αἱ εἰδήσεις αἱ ὁποῖαι φθάνουν ἐκ τῶν ἐπαρχιῶν ἀναφέρουν ὅτι ἡ κατάστασις ἐξελίσσεται ὁμαλῶς καί ὅτι αἱ ἀρχαί ἔχουν πλήρη ἔλεγχον. Οἱ κάτοικοι ἐπανῆλθον εἰς τάς ἐργασίας των, αἱ δέ συγκοινωνίαι λειτουργοῦν κανονικῶς. Ἐπισήμως ἀνεκοινώθη ὅτι δέν ὑπάρχουν θύματα.
ΕΞΩΝΘΗΣΑΝ ΟΙ ΕΙΣΒΑΛΟΝΤΕΣ ΕΙΣ ΝΙΚΑΡΑΓΟΥΑ ΕΠΑΝΑΣΤΑΤΑΙ ΣΥΛΛΗΦΘΕΝΤΟΣ ΚΑΙ ΤΟΥ ΑΡΧΗΓΟΥ
ΜΑΝΑΓΚΟΥΑ, Νικαράγουα, 7. (Ασσ. Πρέσσ.) — Ὁ Πρόεδρος τῶν Ἡνωμένων Πολιτειῶν ἐπέρασε ὁλόκληρον τήν ἡμέραν μελετῶν τά ὑπομνήματα τά ὁποῖα τοῦ ὑπέβαλον οἱ ἁρμόδιοι σύμβουλοί του, ἐν ὄψει τῶν συνομιλιῶν αἱ ὁποῖαι θά διεξαχθοῦν κατά τήν προσεχῆ ἐπίσκεψιν τοῦ Σοβιετικοῦ πρωθυπουργοῦ. Κατά τάς πληροφορίας, θά ἐξετασθοῦν τά ζητήματα τοῦ Βερολίνου, τοῦ ἀφοπλισμοῦ καί τῶν πυρηνικῶν δοκιμῶν, ὡς καί αἱ γενικώτεραι σχέσεις μεταξύ τῶν δύο χωρῶν. Οἱ ἐπίσημοι κύκλοι τονίζουν ὅτι τό ἔργον εἶναι δύσκολον καί ἀπαιτεῖ μεγάλην προσοχήν. ΕΚΚΑΘΑΡΙΣΙΣ ΤΗΣ ΝΙΚΑΡΑΓΟΥΑΣ — ΜΑΝΑΓΚΟΥΑ, 7. (Ασσ. Πρέσσ.) — Ὁ ἐφοπλιστής κ. Ὠνάσης ἐδήλωσεν ὅτι θά θέση τήν θαλαμηγόν του εἰς τήν διάθεσιν τοῦ Ἀρχιεπισκόπου καί τοῦ ἀντιπροέδρου τῆς Κύπρου κατά τήν ἐπίσκεψίν των εἰς τήν Ἑλλάδα. Αἱ συνομιλίαι συνεχίζονται ὑπό πνεῦμα πλήρους κατανοήσεως μεταξύ τῶν ἐνδιαφερομένων μερῶν, αἱ δέ ἀρμόδιαι ὑπηρεσίαι μελετοῦν τάς λεπτομερείας τοῦ προγράμματος τῆς ἐπισκέψεως. Κατά τάς πληροφορίας, ἡ ἐπίσκεψις θά πραγματοποιηθῇ ἐντός τῶν προσεχῶν ἑβδομάδων, μετά τό πέρας τῶν ἐργασιῶν τῆς μικτῆς ἐπιτροπῆς, ἡ ὁποία ἐξετάζει τά ζητήματα τῆς μεταβατικῆς περιόδου. Η ΑΙΤΙΑ ΤΗΣ ΕΙΣΒΟΛΗΣ — ΣΑΝ ΧΟΣΕ, Κοστάρικα, 7. (Ασσ. Πρέσσ.) — Αἱ εἰδήσεις αἱ ὁποῖαι φθάνουν ἐκ τῶν ἐπαρχιῶν ἀναφέρουν ὅτι ἡ κατάστασις ἐξελίσσεται ὁμαλῶς καί ὅτι αἱ ἀρχαί ἔχουν πλήρη ἔλεγχον. Οἱ κάτοικοι ἐπανῆλθον εἰς τάς ἐργασίας των, αἱ δέ συγκοινωνίαι λειτουργοῦν κανονικῶς. Ἐπισήμως ἀνεκοινώθη ὅτι δέν ὑπάρχουν θύματα.
ΟΜΑΣ ΔΗΜΟΚΡΑΤΙΚΩΝ ΑΜΕΡΙΚΑΝΩΝ ΒΟΥΛΕΥΤΩΝ ΖΗΤΕΙ ΟΠΩΣ Η ΑΜΕΡΙΚΗ ΠΙΕΣΗ ΤΗΝ ΓΑΛΛΙΑΝ ΝΑ ΑΡΧΙΣΗ ΣΥΝΟΜΙΛΙΑΣ ΜΕ ΤΟΥΣ ΑΛΓΕΡΙΝΟΥΣ
ΒΑΣΙΓΚΤΩΝ, 7. (Ασσ. Πρέσσ.) — Ὁ Πρόεδρος τῶν Ἡνωμένων Πολιτειῶν ἐπέρασε ὁλόκληρον τήν ἡμέραν μελετῶν τά ὑπομνήματα τά ὁποῖα τοῦ ὑπέβαλον οἱ ἁρμόδιοι σύμβουλοί του, ἐν ὄψει τῶν συνομιλιῶν αἱ ὁποῖαι θά διεξαχθοῦν κατά τήν προσεχῆ ἐπίσκεψιν τοῦ Σοβιετικοῦ πρωθυπουργοῦ. Κατά τάς πληροφορίας, θά ἐξετασθοῦν τά ζητήματα τοῦ Βερολίνου, τοῦ ἀφοπλισμοῦ καί τῶν πυρηνικῶν δοκιμῶν, ὡς καί αἱ γενικώτεραι σχέσεις μεταξύ τῶν δύο χωρῶν. Οἱ ἐπίσημοι κύκλοι τονίζουν ὅτι τό ἔργον εἶναι δύσκολον καί ἀπαιτεῖ μεγάλην προσοχήν. ΙΔΙΑΙΤΕΡΑ ΠΡΟΣΟΧΗ — ΝΕΑ ΥΟΡΚΗ, 7. (Ρώυτερ) — Αἱ ἀρμόδιαι ὑπηρεσίαι τοῦ ὑπουργείου ἀπεφάσισαν τήν σύστασιν δύο ἐπιτροπῶν, αἱ ὁποῖαι θά μελετήσουν τό ζήτημα ἐξ ὅλων τῶν πλευρῶν καί θά ὑποβάλουν τά πορίσματά των ἐντός τοῦ μηνός. Εἰς τάς ἐπιτροπάς θά μετέχουν ἐκπρόσωποι τῶν ἐνδιαφερομένων ὀργανώσεων καί εἰδικοί τεχνικοί σύμβουλοι, ὥστε ἡ λύσις νά εἶναι ἱκανοποιητική διά τό καταναλωτικόν κοινόν. ΕΠΕΣΗ ΕΙΣ ΤΑ ΚΑΒΥΛΙΑ — ΑΛΓΕΡΙΟΝ, 7. (Ρώυτερ) — Αἱ εἰδήσεις αἱ ὁποῖαι φθάνουν ἐκ τῶν ἐπαρχιῶν ἀναφέρουν ὅτι ἡ κατάστασις ἐξελίσσεται ὁμαλῶς καί ὅτι αἱ ἀρχαί ἔχουν πλήρη ἔλεγχον. Οἱ κάτοικοι ἐπανῆλθον εἰς τάς ἐργασίας των, αἱ δέ συγκοινωνίαι λειτουργοῦν κανονικῶς. Ἐπισήμως ἀνεκοινώθη ὅτι δέν ὑπάρχουν θύματα.
Ο ΝΑΣΣΕΡ ΑΠΑΝΤΑ ΕΙΣ ΤΑΣ ΕΥΧΑΣ ΤΟΥ ΚΡΟΥΣΤΣΕΦ
ΚΑΪΡΟΝ, 7. (Ρώυτερ) — Αἱ εἰδήσεις αἱ ὁποῖαι φθάνουν ἐκ τῶν ἐπαρχιῶν ἀναφέρουν ὅτι ἡ κατάστασις ἐξελίσσεται ὁμαλῶς καί ὅτι αἱ ἀρχαί ἔχουν πλήρη ἔλεγχον. Οἱ κάτοικοι ἐπανῆλθον εἰς τάς ἐργασίας των, αἱ δέ συγκοινωνίαι λειτουργοῦν κανονικῶς. Ἐπισήμως ἀνεκοινώθη ὅτι δέν ὑπάρχουν θύματα.
Η ΗΜΕΡΗΣΙΑ ΔΙΑΤΑΞΙΣ ΤΗΣ ΔΙΑΣΚΕΨΕΩΣ ΤΗΣ ΚΑΖΑΜΠΛΑΝΚΑΣ
ΒΗΡΥΤΟΣ, 7. (Ασσ. Πρέσσ.) — Κατά τό πρόγραμμα τό ὁποῖον ἀνεκοινώθη σήμερον, ὁ ὑψηλός ἐπισκέπτης θά ἐπισκεφθῇ διάφορα βιομηχανικά κέντρα καί ἀγροκτήματα, θά συνομιλήσῃ μετ' ἐργατῶν καί θά παραστῇ εἰς ἐπισήμους δεξιώσεις. Αἱ ἀρχαί ἔλαβον ἔκτακτα μέτρα ἀσφαλείας καθ' ὅλην τήν διαδρομήν.
Η ΝΥΜΦΗ ΤΟΥ ΡΟΚΦΕΛΛΕΡ ΕΧΕΙ ΝΑ ΕΠΙΔΕΙΞΗ ΙΣΤΟΡΙΚΟΥΣ ΤΙΤΛΟΥΣ
ΚΡΙΣΤΙΑΝΣΑΝΤ, Νορβηγία, 7. (Ασσ. Πρέσσ.) — Ὁ ἐφοπλιστής κ. Ὠνάσης ἐδήλωσεν ὅτι θά θέση τήν θαλαμηγόν του εἰς τήν διάθεσιν τοῦ Ἀρχιεπισκόπου καί τοῦ ἀντιπροέδρου τῆς Κύπρου κατά τήν ἐπίσκεψίν των εἰς τήν Ἑλλάδα. Αἱ συνομιλίαι συνεχίζονται ὑπό πνεῦμα πλήρους κατανοήσεως μεταξύ τῶν ἐνδιαφερομένων μερῶν, αἱ δέ ἀρμόδιαι ὑπηρεσίαι μελετοῦν τάς λεπτομερείας τοῦ προγράμματος τῆς ἐπισκέψεως. Κατά τάς πληροφορίας, ἡ ἐπίσκεψις θά πραγματοποιηθῇ ἐντός τῶν προσεχῶν ἑβδομάδων, μετά τό πέρας τῶν ἐργασιῶν τῆς μικτῆς ἐπιτροπῆς, ἡ ὁποία ἐξετάζει τά ζητήματα τῆς μεταβατικῆς περιόδου.
ΟΥΔΕΜΙΑ ΔΥΝΑΤΟΤΗΣ ΣΥΝΕΝΝΟΗΣΕΩΣ ΠΕΚΙΝΟΥ - ΦΟΡΜΟΖΗΣ
ΤΑΪ-ΠΕΧ, 7. (Ασσ. Πρέσσ.) — Αἱ εἰδήσεις αἱ ὁποῖαι φθάνουν ἐκ τῶν ἐπαρχιῶν ἀναφέρουν ὅτι ἡ κατάστασις ἐξελίσσεται ὁμαλῶς καί ὅτι αἱ ἀρχαί ἔχουν πλήρη ἔλεγχον. Οἱ κάτοικοι ἐπανῆλθον εἰς τάς ἐργασίας των, αἱ δέ συγκοινωνίαι λειτουργοῦν κανονικῶς. Ἐπισήμως ἀνεκοινώθη ὅτι δέν ὑπάρχουν θύματα.
ΑΜΕΡΙΚΑΝΟΙ ΣΤΡΑΤΙΩΤΑΙ ΕΚ ΤΗΣ ΑΝΑΤ. ΓΕΡΜΑΝΙΑΣ
ΒΟΝΝΗ, 7. (Ρώυτερ) — Αἱ ἀρμόδιαι ὑπηρεσίαι τοῦ ὑπουργείου ἀπεφάσισαν τήν σύστασιν δύο ἐπιτροπῶν, αἱ ὁποῖαι θά μελετήσουν τό ζήτημα ἐξ ὅλων τῶν πλευρῶν καί θά ὑποβάλουν τά πορίσματά των ἐντός τοῦ μηνός. Εἰς τάς ἐπιτροπάς θά μετέχουν ἐκπρόσωποι τῶν ἐνδιαφερομένων ὀργανώσεων καί εἰδικοί τεχνικοί σύμβουλοι, ὥστε ἡ λύσις νά εἶναι ἱκανοποιητική διά τό καταναλωτικόν κοινόν.
ΝΕΟΝ ΚΙΝΗΜΑ ΤΟΥ ΚΚ ΕΞΟΥΔΕΤΕΡΩΘΗ ΤΗΝ ΤΕΛΕΥΤΑΙΑΝ ΣΤΙΓΜΗΝ ΕΙΣ ΤΟ ΙΡΑΚ
ΣΥΝΕΛΗΦΘΗ ΚΑΙ Ο ΑΡΧΗΓΟΣ ΑΥΤΟΥ
ΘΑ ΕΒΟΜΒΑΡΔΙΖΟΝ ΤΟ ΥΠΟΥΡ. ΑΜΥΝΗΣ
ΚΑΪΡΟΝ, 7. (Ασσ. Πρέσσ.) — Ὁ Πρόεδρος τῶν Ἡνωμένων Πολιτειῶν ἐπέρασε ὁλόκληρον τήν ἡμέραν μελετῶν τά ὑπομνήματα τά ὁποῖα τοῦ ὑπέβαλον οἱ ἁρμόδιοι σύμβουλοί του, ἐν ὄψει τῶν συνομιλιῶν αἱ ὁποῖαι θά διεξαχθοῦν κατά τήν προσεχῆ ἐπίσκεψιν τοῦ Σοβιετικοῦ πρωθυπουργοῦ. Κατά τάς πληροφορίας, θά ἐξετασθοῦν τά ζητήματα τοῦ Βερολίνου, τοῦ ἀφοπλισμοῦ καί τῶν πυρηνικῶν δοκιμῶν, ὡς καί αἱ γενικώτεραι σχέσεις μεταξύ τῶν δύο χωρῶν. Οἱ ἐπίσημοι κύκλοι τονίζουν ὅτι τό ἔργον εἶναι δύσκολον καί ἀπαιτεῖ μεγάλην προσοχήν.
ΤΟ ΥΠΕΡΑΕΡΟΠΛΑΝΟΦΟΡΟΝ «ΙΝΤΙΠΕΝΤΕΝΣ» ΥΠΕΣΤΗ ΒΛΑΒΗΝ ΕΙΣ ΤΟΝ ΣΤΡΟΒΙΛΟΝ
ΝΟΡΦΟΛΚ, Βιργινία, 7. (Ασσ. Πρέσσ.) — Κατά τό πρόγραμμα τό ὁποῖον ἀνεκοινώθη σήμερον, ὁ ὑψηλός ἐπισκέπτης θά ἐπισκεφθῇ διάφορα βιομηχανικά κέντρα καί ἀγροκτήματα, θά συνομιλήσῃ μετ' ἐργατῶν καί θά παραστῇ εἰς ἐπισήμους δεξιώσεις. Αἱ ἀρχαί ἔλαβον ἔκτακτα μέτρα ἀσφαλείας καθ' ὅλην τήν διαδρομήν.
ΑΝ ΤΟ ΚΚ ΤΗΣ ΚΕΡΑΛΑ ΝΙΚΗΣΗ ΠΑΛΙΝ ΚΑΤΑ ΤΑΣ ΠΡΟΣΕΧΕΙΣ ΕΚΛΟΓΑΣ ΘΑ ΣΧΗΜΑΤΙΣΗ ΕΚ ΝΕΟΥ ΚΥΒΕΡΝΗΣΙΝ
ΝΕΟΝ ΔΕΛΧΙ, 7. (Ρώυτερ) — Ὁ ἐφοπλιστής κ. Ὠνάσης ἐδήλωσεν ὅτι θά θέση τήν θαλαμηγόν του εἰς τήν διάθεσιν τοῦ Ἀρχιεπισκόπου καί τοῦ ἀντιπροέδρου τῆς Κύπρου κατά τήν ἐπίσκεψίν των εἰς τήν Ἑλλάδα. Αἱ συνομιλίαι συνεχίζονται ὑπό πνεῦμα πλήρους κατανοήσεως μεταξύ τῶν ἐνδιαφερομένων μερῶν, αἱ δέ ἀρμόδιαι ὑπηρεσίαι μελετοῦν τάς λεπτομερείας τοῦ προγράμματος τῆς ἐπισκέψεως. Κατά τάς πληροφορίας, ἡ ἐπίσκεψις θά πραγματοποιηθῇ ἐντός τῶν προσεχῶν ἑβδομάδων, μετά τό πέρας τῶν ἐργασιῶν τῆς μικτῆς ἐπιτροπῆς, ἡ ὁποία ἐξετάζει τά ζητήματα τῆς μεταβατικῆς περιόδου.
ΕΡΡΙΨΕΝ ΕΠΙ ΑΠΡΟΣΕΞΙΑΣ 24 ΠΥΡΑΥΛΟΥΣ ΤΟ ΑΕΡΟΠΛΑΝΟΝ ΤΟΥ
ΡΑΜΣΤΑΪΝ, Παλατινάτον, 7. (Ασσ. Πρέσσ.) — Αἱ εἰδήσεις αἱ ὁποῖαι φθάνουν ἐκ τῶν ἐπαρχιῶν ἀναφέρουν ὅτι ἡ κατάστασις ἐξελίσσεται ὁμαλῶς καί ὅτι αἱ ἀρχαί ἔχουν πλήρη ἔλεγχον. Οἱ κάτοικοι ἐπανῆλθον εἰς τάς ἐργασίας των, αἱ δέ συγκοινωνίαι λειτουργοῦν κανονικῶς. Ἐπισήμως ἀνεκοινώθη ὅτι δέν ὑπάρχουν θύματα.
ΑΙ ΗΝΩΜ. ΠΟΛΙΤΕΙΑΙ ΚΑΤΕΣΚΕΥΑΣΑΝ ΡΑΝΤΑΡ ΕΠΙΣΗΜΑΙΝΟΝ ΔΙΗΠΕΙΡΩΤΙΚΑ ΒΛΗΜΑΤΑ ΣΧΕΔΟΝ ΑΜΕΣΩΣ ΜΕΤΑ ΤΗΝ ΕΚΤΟΞΕΥΣΙΝ ΤΩΝ
ΒΑΣΙΓΚΤΩΝ, 7. (Ασσ. Πρέσσ.) — Ὁ Πρόεδρος τῶν Ἡνωμένων Πολιτειῶν ἐπέρασε ὁλόκληρον τήν ἡμέραν μελετῶν τά ὑπομνήματα τά ὁποῖα τοῦ ὑπέβαλον οἱ ἁρμόδιοι σύμβουλοί του, ἐν ὄψει τῶν συνομιλιῶν αἱ ὁποῖαι θά διεξαχθοῦν κατά τήν προσεχῆ ἐπίσκεψιν τοῦ Σοβιετικοῦ πρωθυπουργοῦ. Κατά τάς πληροφορίας, θά ἐξετασθοῦν τά ζητήματα τοῦ Βερολίνου, τοῦ ἀφοπλισμοῦ καί τῶν πυρηνικῶν δοκιμῶν, ὡς καί αἱ γενικώτεραι σχέσεις μεταξύ τῶν δύο χωρῶν. Οἱ ἐπίσημοι κύκλοι τονίζουν ὅτι τό ἔργον εἶναι δύσκολον καί ἀπαιτεῖ μεγάλην προσοχήν.
ΠΩΣ ΕΠΙΧΕΙΡΕΙ Ο ΥΦΥΠΟΥΡΓΟΣ κ. ΤΡΙΑΝΤΑΦΥΛΛΑΚΟΣ ΝΑ ΔΙΚΑΙΟΛΟΓΗΣΗ ΤΗΝ ΠΑΡΑΝΟΜΟΝ ΑΠΑΓΟΡΕΥΣΙΝ ΤΗΣ ΕΚΔΟΣΕΩΣ ΜΙΑΣ ΑΝΤΙΚΥΒΕΡΝΗΤΙΚΗΣ ΕΦΗΜΕΡΙΔΟΣ
ΑΘΗΝΑΙ, 7. — Ὁ ἐφοπλιστής κ. Ὠνάσης ἐδήλωσεν ὅτι θά θέση τήν θαλαμηγόν του εἰς τήν διάθεσιν τοῦ Ἀρχιεπισκόπου καί τοῦ ἀντιπροέδρου τῆς Κύπρου κατά τήν ἐπίσκεψίν των εἰς τήν Ἑλλάδα. Αἱ συνομιλίαι συνεχίζονται ὑπό πνεῦμα πλήρους κατανοήσεως μεταξύ τῶν ἐνδιαφερομένων μερῶν, αἱ δέ ἀρμόδιαι ὑπηρεσίαι μελετοῦν τάς λεπτομερείας τοῦ προγράμματος τῆς ἐπισκέψεως. Κατά τάς πληροφορίας, ἡ ἐπίσκεψις θά πραγματοποιηθῇ ἐντός τῶν προσεχῶν ἑβδομάδων, μετά τό πέρας τῶν ἐργασιῶν τῆς μικτῆς ἐπιτροπῆς, ἡ ὁποία ἐξετάζει τά ζητήματα τῆς μεταβατικῆς περιόδου. Αἱ ἀρμόδιαι ὑπηρεσίαι τοῦ ὑπουργείου ἀπεφάσισαν τήν σύστασιν δύο ἐπιτροπῶν, αἱ ὁποῖαι θά μελετήσουν τό ζήτημα ἐξ ὅλων τῶν πλευρῶν καί θά ὑποβάλουν τά πορίσματά των ἐντός τοῦ μηνός. Εἰς τάς ἐπιτροπάς θά μετέχουν ἐκπρόσωποι τῶν ἐνδιαφερομένων ὀργανώσεων καί εἰδικοί τεχνικοί σύμβουλοι, ὥστε ἡ λύσις νά εἶναι ἱκανοποιητική διά τό καταναλωτικόν κοινόν. Ὁ Πρόεδρος τῶν Ἡνωμένων Πολιτειῶν ἐπέρασε ὁλόκληρον τήν ἡμέραν μελετῶν τά ὑπομνήματα τά ὁποῖα τοῦ ὑπέβαλον οἱ ἁρμόδιοι σύμβουλοί του, ἐν ὄψει τῶν συνομιλιῶν αἱ ὁποῖαι θά διεξαχθοῦν κατά τήν προσεχῆ ἐπίσκεψιν τοῦ Σοβιετικοῦ πρωθυπουργοῦ. Κατά τάς πληροφορίας, θά ἐξετασθοῦν τά ζητήματα τοῦ Βερολίνου, τοῦ ἀφοπλισμοῦ καί τῶν πυρηνικῶν δοκιμῶν, ὡς καί αἱ γενικώτεραι σχέσεις μεταξύ τῶν δύο χωρῶν. Οἱ ἐπίσημοι κύκλοι τονίζουν ὅτι τό ἔργον εἶναι δύσκολον καί ἀπαιτεῖ μεγάλην προσοχήν.
ΤΥΦΩΝΕΣ ΠΡΟΕΚΑΛΕΣΑΝ ΣΟΒΑΡΑΣ ΚΑΤΑΣΤΡΟΦΑΣ ΕΙΣ ΧΟΝΟΛΟΥΛΟΥ, ΧΑΒΑΪ ΚΑΙ ΕΙΣ ΤΗΝ ΙΑΠΩΝΙΑΝ
Αἱ εἰδήσεις αἱ ὁποῖαι φθάνουν ἐκ τῶν ἐπαρχιῶν ἀναφέρουν ὅτι ἡ κατάστασις ἐξελίσσεται ὁμαλῶς καί ὅτι αἱ ἀρχαί ἔχουν πλήρη ἔλεγχον. Οἱ κάτοικοι ἐπανῆλθον εἰς τάς ἐργασίας των, αἱ δέ συγκοινωνίαι λειτουργοῦν κανονικῶς. Ἐπισήμως ἀνεκοινώθη ὅτι δέν ὑπάρχουν θύματα. ΜΕΓΑΛΑΙ ΚΑΤΑΣΤΡΟΦΑΙ — ΧΟΝΟΛΟΥΛΟΥ, 7. (Ασσ. Πρέσσ.) — Κατά τό πρόγραμμα τό ὁποῖον ἀνεκοινώθη σήμερον, ὁ ὑψηλός ἐπισκέπτης θά ἐπισκεφθῇ διάφορα βιομηχανικά κέντρα καί ἀγροκτήματα, θά συνομιλήσῃ μετ' ἐργατῶν καί θά παραστῇ εἰς ἐπισήμους δεξιώσεις. Αἱ ἀρχαί ἔλαβον ἔκτακτα μέτρα ἀσφαλείας καθ' ὅλην τήν διαδρομήν. ΤΥΦΩΝ ΕΙΣ ΤΑΣ ΧΑΒΑΪ — Ο ΦΡΑΝΣΙΣΚΟ, 7. (Ασσ. Πρέσσ.) — Αἱ εἰδήσεις αἱ ὁποῖαι φθάνουν ἐκ τῶν ἐπαρχιῶν ἀναφέρουν ὅτι ἡ κατάστασις ἐξελίσσεται ὁμαλῶς καί ὅτι αἱ ἀρχαί ἔχουν πλήρη ἔλεγχον. Οἱ κάτοικοι ἐπανῆλθον εἰς τάς ἐργασίας των, αἱ δέ συγκοινωνίαι λειτουργοῦν κανονικῶς. Ἐπισήμως ἀνεκοινώθη ὅτι δέν ὑπάρχουν θύματα. ΕΙΣ ΤΗΝ ΙΑΠΩΝΙΑΝ — ΤΟΚΙΟ, 7. (Ασσ. Πρέσσ.) — Αἱ ἀρμόδιαι ὑπηρεσίαι τοῦ ὑπουργείου ἀπεφάσισαν τήν σύστασιν δύο ἐπιτροπῶν, αἱ ὁποῖαι θά μελετήσουν τό ζήτημα ἐξ ὅλων τῶν πλευρῶν καί θά ὑποβάλουν τά πορίσματά των ἐντός τοῦ μηνός. Εἰς τάς ἐπιτροπάς θά μετέχουν ἐκπρόσωποι τῶν ἐνδιαφερομένων ὀργανώσεων καί εἰδικοί τεχνικοί σύμβουλοι, ὥστε ἡ λύσις νά εἶναι ἱκανοποιητική διά τό καταναλωτικόν κοινόν.
ΑΜΕΡΙΚΑΝΙΚΟΝ ΠΕΡΙΟΔΙΚΟΝ ΑΠΟΚΑΛΥΠΤΕΙ ΒΡΕΤΑΝΝΙΚΑ ΜΥΣΤΙΚΑ ΒΑΣΕΩΝ ΠΥΡΑΥΛΩΝ
ΛΟΝΔΙΝΟΝ, 7. (Ρώυτερ) — Κατά τό πρόγραμμα τό ὁποῖον ἀνεκοινώθη σήμερον, ὁ ὑψηλός ἐπισκέπτης θά ἐπισκεφθῇ διάφορα βιομηχανικά κέντρα καί ἀγροκτήματα, θά συνομιλήσῃ μετ' ἐργατῶν καί θά παραστῇ εἰς ἐπισήμους δεξιώσεις. Αἱ ἀρχαί ἔλαβον ἔκτακτα μέτρα ἀσφαλείας καθ' ὅλην τήν διαδρομήν. ΚΑΙ ΤΑΣ ΔΙΑΨΕΥΔΕΙ — ΛΟΝΔΙΝΟΝ, 7. (Ρώυτερ) — Αἱ εἰδήσεις αἱ ὁποῖαι φθάνουν ἐκ τῶν ἐπαρχιῶν ἀναφέρουν ὅτι ἡ κατάστασις ἐξελίσσεται ὁμαλῶς καί ὅτι αἱ ἀρχαί ἔχουν πλήρη ἔλεγχον. Οἱ κάτοικοι ἐπανῆλθον εἰς τάς ἐργασίας των, αἱ δέ συγκοινωνίαι λειτουργοῦν κανονικῶς. Ἐπισήμως ἀνεκοινώθη ὅτι δέν ὑπάρχουν θύματα.
ΑΓΝΩΣΤΟΙ ΠΙΝΑΚΕΣ ΔΙΑΣΗΜΩΝ ΖΩΓΡΑΦΩΝ ΕΥΡΙΣΚΟΝΤΑΙ ΕΙΣ ΤΟ ΜΟΥΣΕΙΟΝ ΟΔΗΣΣΟΥ
ΜΟΣΧΑ, 7. (Ασσ. Πρέσσ.) — Ὁ ἐφοπλιστής κ. Ὠνάσης ἐδήλωσεν ὅτι θά θέση τήν θαλαμηγόν του εἰς τήν διάθεσιν τοῦ Ἀρχιεπισκόπου καί τοῦ ἀντιπροέδρου τῆς Κύπρου κατά τήν ἐπίσκεψίν των εἰς τήν Ἑλλάδα. Αἱ συνομιλίαι συνεχίζονται ὑπό πνεῦμα πλήρους κατανοήσεως μεταξύ τῶν ἐνδιαφερομένων μερῶν, αἱ δέ ἀρμόδιαι ὑπηρεσίαι μελετοῦν τάς λεπτομερείας τοῦ προγράμματος τῆς ἐπισκέψεως. Κατά τάς πληροφορίας, ἡ ἐπίσκεψις θά πραγματοποιηθῇ ἐντός τῶν προσεχῶν ἑβδομάδων, μετά τό πέρας τῶν ἐργασιῶν τῆς μικτῆς ἐπιτροπῆς, ἡ ὁποία ἐξετάζει τά ζητήματα τῆς μεταβατικῆς περιόδου. ΕΚΘΕΣΙΣ ΤΟΥ ΒΑΝ ΓΚΟΓΚ — ΣΑΝ ΠΑΟΛΟ, Βραζιλία, 7. (Ασσ. Πρέσσ.) — Αἱ εἰδήσεις αἱ ὁποῖαι φθάνουν ἐκ τῶν ἐπαρχιῶν ἀναφέρουν ὅτι ἡ κατάστασις ἐξελίσσεται ὁμαλῶς καί ὅτι αἱ ἀρχαί ἔχουν πλήρη ἔλεγχον. Οἱ κάτοικοι ἐπανῆλθον εἰς τάς ἐργασίας των, αἱ δέ συγκοινωνίαι λειτουργοῦν κανονικῶς. Ἐπισήμως ἀνεκοινώθη ὅτι δέν ὑπάρχουν θύματα.
